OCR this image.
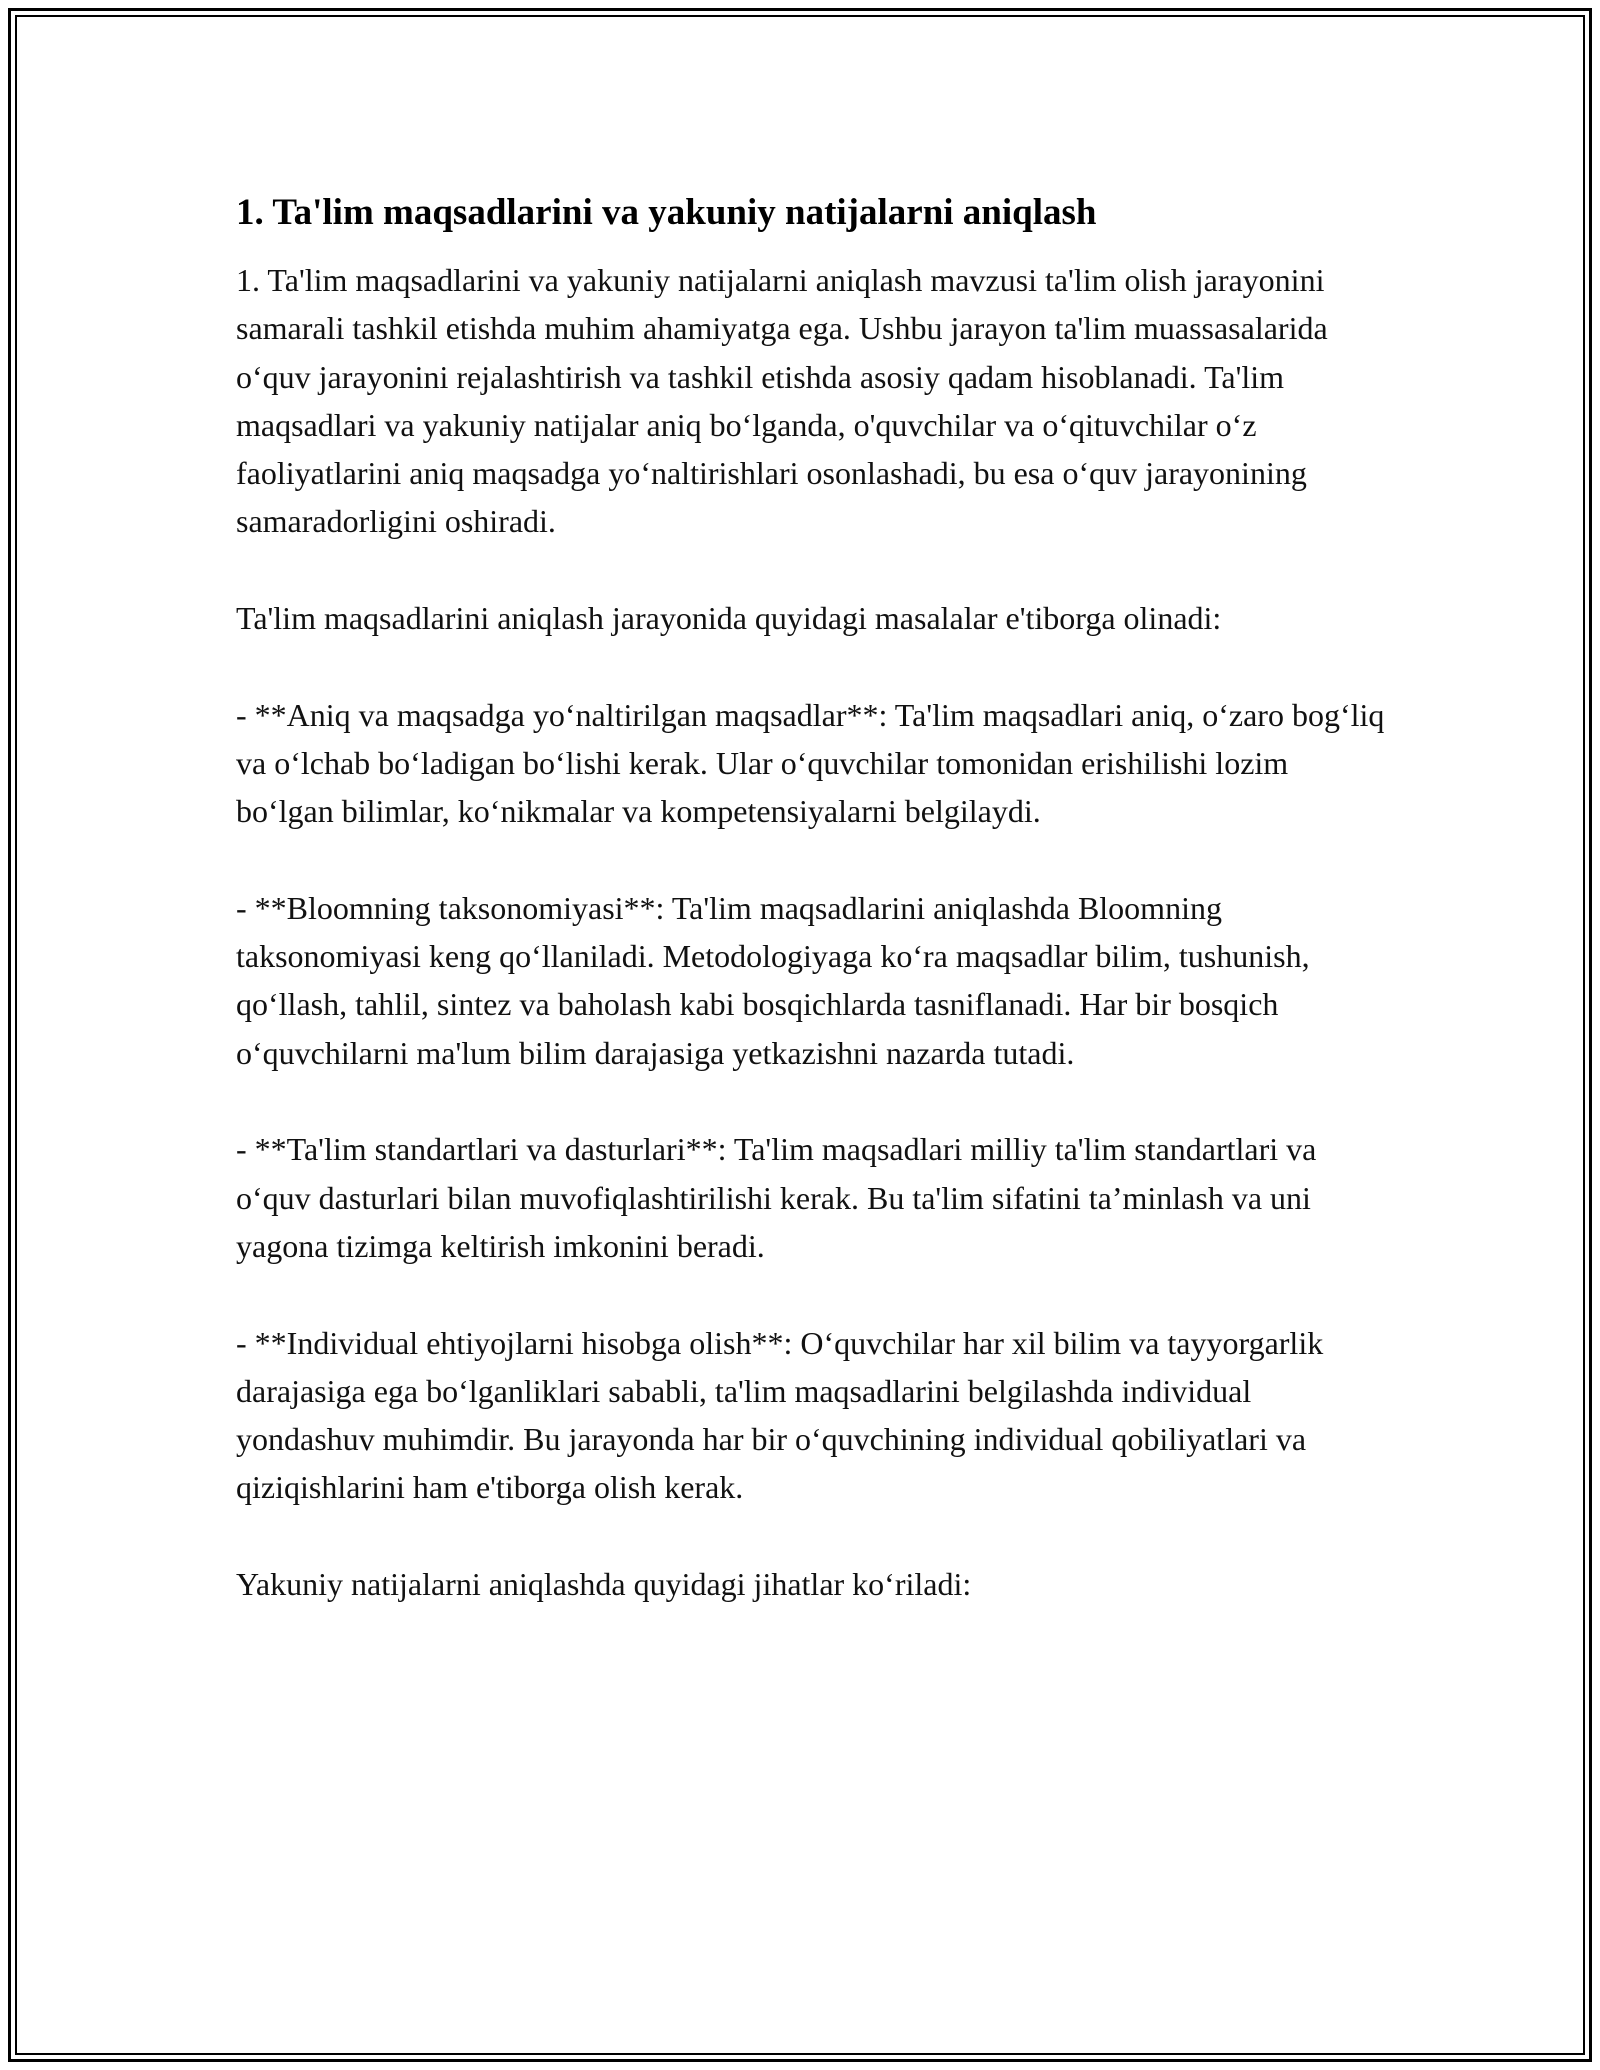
1. Ta'lim maqsadlarini va yakuniy natijalarni aniqlash

1. Ta'lim maqsadlarini va yakuniy natijalarni aniqlash mavzusi ta'lim olish jarayonini samarali tashkil etishda muhim ahamiyatga ega. Ushbu jarayon ta'lim muassasalarida o‘quv jarayonini rejalashtirish va tashkil etishda asosiy qadam hisoblanadi. Ta'lim maqsadlari va yakuniy natijalar aniq bo‘lganda, o'quvchilar va o‘qituvchilar o‘z faoliyatlarini aniq maqsadga yo‘naltirishlari osonlashadi, bu esa o‘quv jarayonining samaradorligini oshiradi.

Ta'lim maqsadlarini aniqlash jarayonida quyidagi masalalar e'tiborga olinadi:

- **Aniq va maqsadga yo‘naltirilgan maqsadlar**: Ta'lim maqsadlari aniq, o‘zaro bog‘liq va o‘lchab bo‘ladigan bo‘lishi kerak. Ular o‘quvchilar tomonidan erishilishi lozim bo‘lgan bilimlar, ko‘nikmalar va kompetensiyalarni belgilaydi.

- **Bloomning taksonomiyasi**: Ta'lim maqsadlarini aniqlashda Bloomning taksonomiyasi keng qo‘llaniladi. Metodologiyaga ko‘ra maqsadlar bilim, tushunish, qo‘llash, tahlil, sintez va baholash kabi bosqichlarda tasniflanadi. Har bir bosqich o‘quvchilarni ma'lum bilim darajasiga yetkazishni nazarda tutadi.

- **Ta'lim standartlari va dasturlari**: Ta'lim maqsadlari milliy ta'lim standartlari va o‘quv dasturlari bilan muvofiqlashtirilishi kerak. Bu ta'lim sifatini ta’minlash va uni yagona tizimga keltirish imkonini beradi.

- **Individual ehtiyojlarni hisobga olish**: O‘quvchilar har xil bilim va tayyorgarlik darajasiga ega bo‘lganliklari sababli, ta'lim maqsadlarini belgilashda individual yondashuv muhimdir. Bu jarayonda har bir o‘quvchining individual qobiliyatlari va qiziqishlarini ham e'tiborga olish kerak.

Yakuniy natijalarni aniqlashda quyidagi jihatlar ko‘riladi:
